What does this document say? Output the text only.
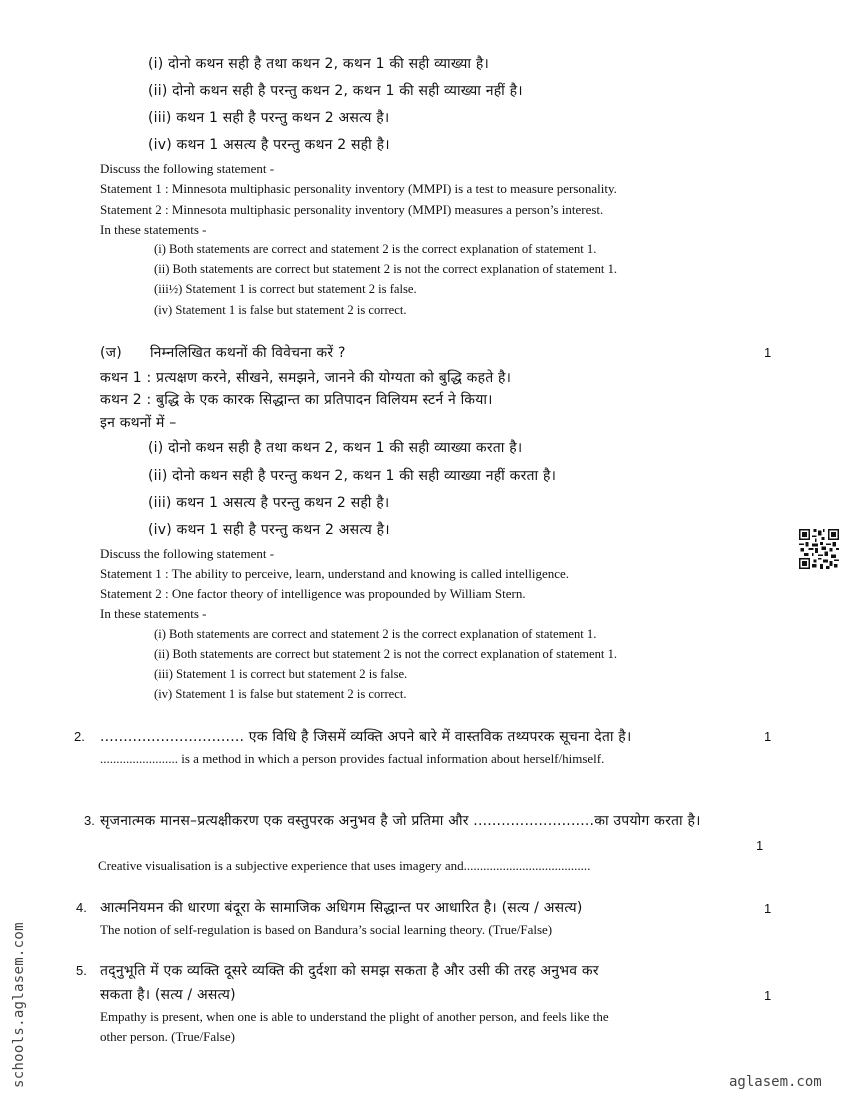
(i) दोनो कथन सही है तथा कथन 2, कथन 1 की सही व्याख्या है।
(ii) दोनो कथन सही है परन्तु कथन 2, कथन 1 की सही व्याख्या नहीं है।
(iii) कथन 1 सही है परन्तु कथन 2 असत्य है।
(iv) कथन 1 असत्य है परन्तु कथन 2 सही है।
Discuss the following statement -
Statement 1 : Minnesota multiphasic personality inventory (MMPI) is a test to measure personality.
Statement 2 : Minnesota multiphasic personality inventory (MMPI) measures a person’s interest.
In these statements -
(i) Both statements are correct and statement 2 is the correct explanation of statement 1.
(ii) Both statements are correct but statement 2 is not the correct explanation of statement 1.
(iii½) Statement 1 is correct but statement 2 is false.
(iv) Statement 1 is false but statement 2 is correct.
(ज) निम्नलिखित कथनों की विवेचना करें ?	1
कथन 1 : प्रत्यक्षण करने, सीखने, समझने, जानने की योग्यता को बुद्धि कहते है।
कथन 2 : बुद्धि के एक कारक सिद्धान्त का प्रतिपादन विलियम स्टर्न ने किया।
इन कथनों में –
(i) दोनो कथन सही है तथा कथन 2, कथन 1 की सही व्याख्या करता है।
(ii) दोनो कथन सही है परन्तु कथन 2, कथन 1 की सही व्याख्या नहीं करता है।
(iii) कथन 1 असत्य है परन्तु कथन 2 सही है।
(iv) कथन 1 सही है परन्तु कथन 2 असत्य है।
Discuss the following statement -
Statement 1 : The ability to perceive, learn, understand and knowing is called intelligence.
Statement 2 : One factor theory of intelligence was propounded by William Stern.
In these statements -
(i) Both statements are correct and statement 2 is the correct explanation of statement 1.
(ii) Both statements are correct but statement 2 is not the correct explanation of statement 1.
(iii) Statement 1 is correct but statement 2 is false.
(iv) Statement 1 is false but statement 2 is correct.
2. ............................... एक विधि है जिसमें व्यक्ति अपने बारे में वास्तविक तथ्यपरक सूचना देता है।	1
........................ is a method in which a person provides factual information about herself/himself.
3. सृजनात्मक मानस–प्रत्यक्षीकरण एक वस्तुपरक अनुभव है जो प्रतिमा और ..........................का उपयोग करता है।
1
Creative visualisation is a subjective experience that uses imagery and.......................................
4. आत्मनियमन की धारणा बंदूरा के सामाजिक अधिगम सिद्धान्त पर आधारित है। (सत्य / असत्य)	1
The notion of self-regulation is based on Bandura’s social learning theory. (True/False)
5. तद्नुभूति में एक व्यक्ति दूसरे व्यक्ति की दुर्दशा को समझ सकता है और उसी की तरह अनुभव कर
सकता है। (सत्य / असत्य)	1
Empathy is present, when one is able to understand the plight of another person, and feels like the
other person. (True/False)
schools.aglasem.com	aglasem.com
